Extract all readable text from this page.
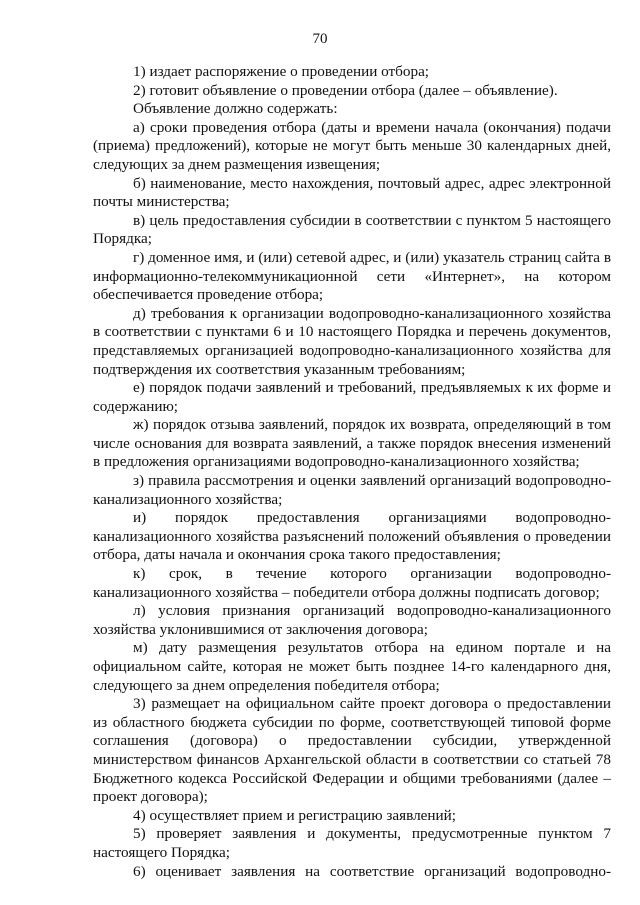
70

1) издает распоряжение о проведении отбора;

2) готовит объявление о проведении отбора (далее – объявление).

Объявление должно содержать:

а) сроки проведения отбора (даты и времени начала (окончания) подачи (приема) предложений), которые не могут быть меньше 30 календарных дней, следующих за днем размещения извещения;

б) наименование, место нахождения, почтовый адрес, адрес электронной почты министерства;

в) цель предоставления субсидии в соответствии с пунктом 5 настоящего Порядка;

г) доменное имя, и (или) сетевой адрес, и (или) указатель страниц сайта в информационно-телекоммуникационной сети «Интернет», на котором обеспечивается проведение отбора;

д) требования к организации водопроводно-канализационного хозяйства в соответствии с пунктами 6 и 10 настоящего Порядка и перечень документов, представляемых организацией водопроводно-канализационного хозяйства для подтверждения их соответствия указанным требованиям;

е) порядок подачи заявлений и требований, предъявляемых к их форме и содержанию;

ж) порядок отзыва заявлений, порядок их возврата, определяющий в том числе основания для возврата заявлений, а также порядок внесения изменений в предложения организациями водопроводно-канализационного хозяйства;

з) правила рассмотрения и оценки заявлений организаций водопроводно-канализационного хозяйства;

и) порядок предоставления организациями водопроводно-канализационного хозяйства разъяснений положений объявления о проведении отбора, даты начала и окончания срока такого предоставления;

к) срок, в течение которого организации водопроводно-канализационного хозяйства – победители отбора должны подписать договор;

л) условия признания организаций водопроводно-канализационного хозяйства уклонившимися от заключения договора;

м) дату размещения результатов отбора на едином портале и на официальном сайте, которая не может быть позднее 14-го календарного дня, следующего за днем определения победителя отбора;

3) размещает на официальном сайте проект договора о предоставлении из областного бюджета субсидии по форме, соответствующей типовой форме соглашения (договора) о предоставлении субсидии, утвержденной министерством финансов Архангельской области в соответствии со статьей 78 Бюджетного кодекса Российской Федерации и общими требованиями (далее – проект договора);

4) осуществляет прием и регистрацию заявлений;

5) проверяет заявления и документы, предусмотренные пунктом 7 настоящего Порядка;

6) оценивает заявления на соответствие организаций водопроводно-
